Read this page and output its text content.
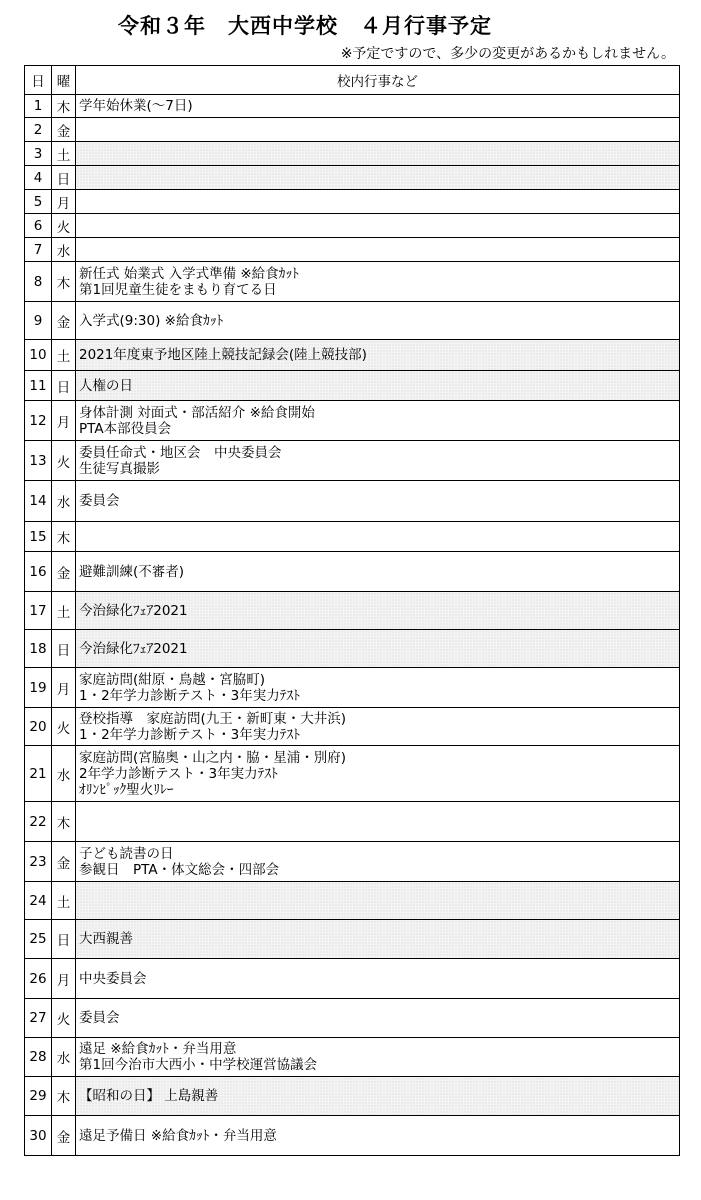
令和３年　大西中学校　４月行事予定
※予定ですので、多少の変更があるかもしれません。
日	曜	校内行事など
1	木	学年始休業(～7日)
2	金	
3	土	
4	日	
5	月	
6	火	
7	水	
8	木	新任式 始業式 入学式準備 ※給食ｶｯﾄ
第1回児童生徒をまもり育てる日
9	金	入学式(9:30) ※給食ｶｯﾄ
10	土	2021年度東予地区陸上競技記録会(陸上競技部)
11	日	人権の日
12	月	身体計測 対面式・部活紹介 ※給食開始
PTA本部役員会
13	火	委員任命式・地区会　中央委員会
生徒写真撮影
14	水	委員会
15	木	
16	金	避難訓練(不審者)
17	土	今治緑化ﾌｪｱ2021
18	日	今治緑化ﾌｪｱ2021
19	月	家庭訪問(紺原・鳥越・宮脇町)
1・2年学力診断テスト・3年実力ﾃｽﾄ
20	火	登校指導　家庭訪問(九王・新町東・大井浜)
1・2年学力診断テスト・3年実力ﾃｽﾄ
21	水	家庭訪問(宮脇奥・山之内・脇・星浦・別府)
2年学力診断テスト・3年実力ﾃｽﾄ
ｵﾘﾝﾋﾟｯｸ聖火ﾘﾚｰ
22	木	
23	金	子ども読書の日
参観日　PTA・体文総会・四部会
24	土	
25	日	大西親善
26	月	中央委員会
27	火	委員会
28	水	遠足 ※給食ｶｯﾄ・弁当用意
第1回今治市大西小・中学校運営協議会
29	木	【昭和の日】 上島親善
30	金	遠足予備日 ※給食ｶｯﾄ・弁当用意
